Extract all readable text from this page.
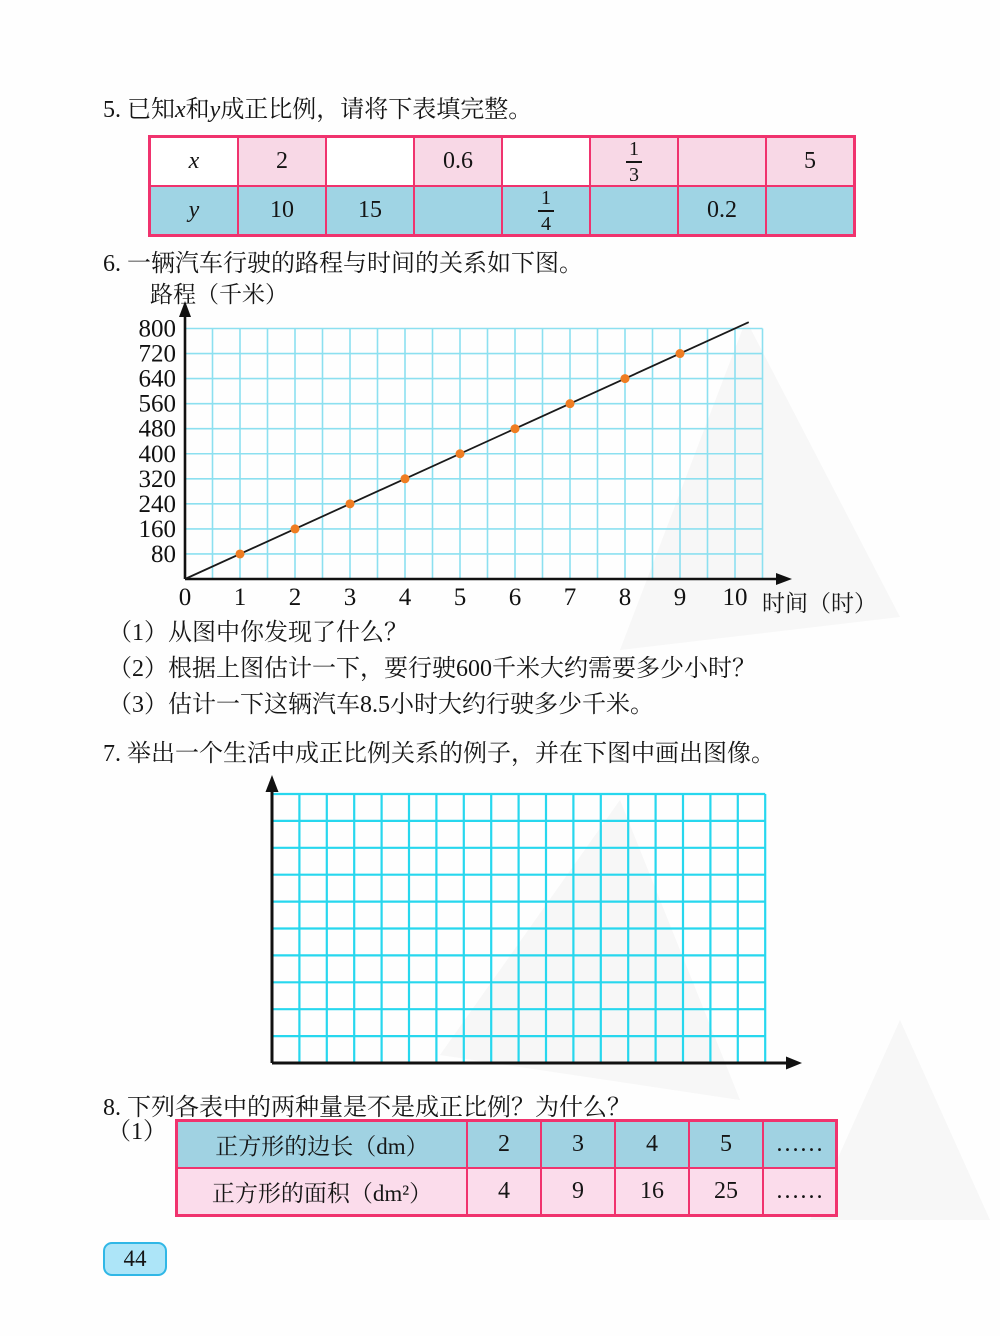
5. 已知x和y成正比例，请将下表填完整。
x	2		0.6		$\frac{1}{3}$		5
y	10	15		$\frac{1}{4}$		0.2	
6. 一辆汽车行驶的路程与时间的关系如下图。
路程（千米）
0 1 2 3 4 5 6 7 8 9 10
80
160
240
320
400
480
560
640
720
800
时间（时）
（1）从图中你发现了什么？
（2）根据上图估计一下，要行驶600千米大约需要多少小时？
（3）估计一下这辆汽车8.5小时大约行驶多少千米。
7. 举出一个生活中成正比例关系的例子，并在下图中画出图像。
8. 下列各表中的两种量是不是成正比例？为什么？
（1）
正方形的边长（dm）	2	3	4	5	……
正方形的面积（dm²）	4	9	16	25	……
44
